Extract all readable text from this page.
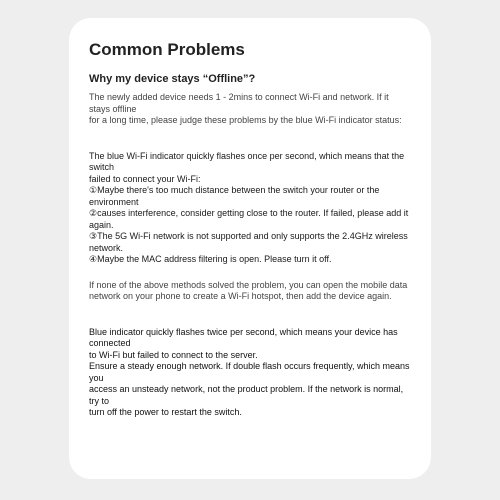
Common Problems
Why my device stays “Offline”?

The newly added device needs 1 - 2mins to connect Wi-Fi and network. If it stays offline
for a long time, please judge these problems by the blue Wi-Fi indicator status:

The blue Wi-Fi indicator quickly flashes once per second, which means that the switch
failed to connect your Wi-Fi:

①Maybe there's too much distance between the switch your router or the environment

②causes interference, consider getting close to the router. If failed, please add it again.

③The 5G Wi-Fi network is not supported and only supports the 2.4GHz wireless network.

④Maybe the MAC address filtering is open. Please turn it off.

If none of the above methods solved the problem, you can open the mobile data
network on your phone to create a Wi-Fi hotspot, then add the device again.

Blue indicator quickly flashes twice per second, which means your device has connected
to Wi-Fi but failed to connect to the server.

Ensure a steady enough network. If double flash occurs frequently, which means you
access an unsteady network, not the product problem. If the network is normal, try to
turn off the power to restart the switch.
